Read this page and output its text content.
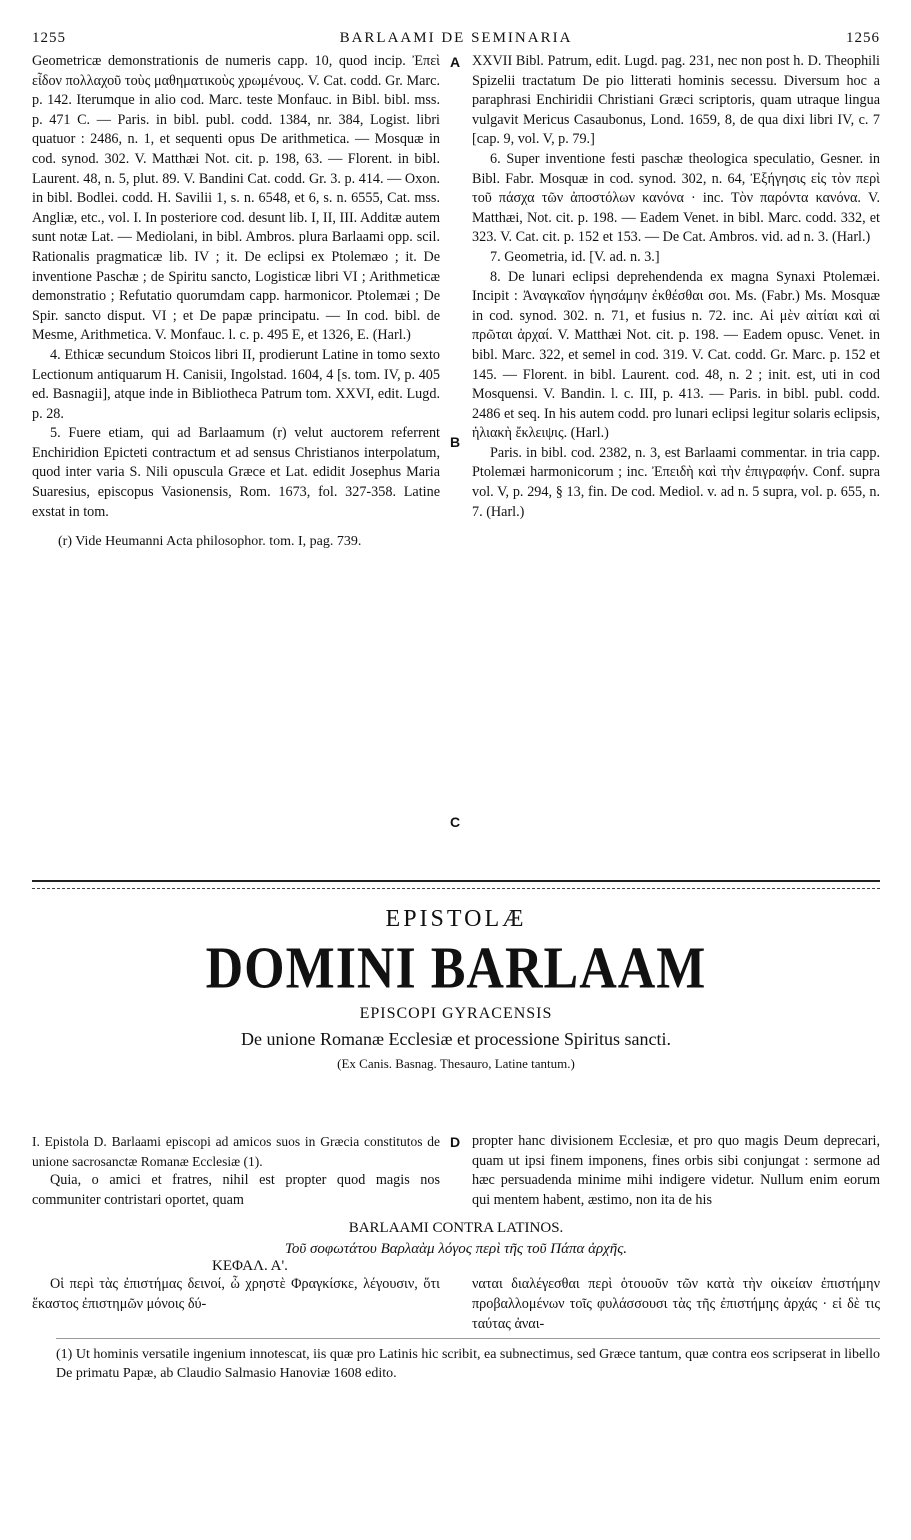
1255	BARLAAMI DE SEMINARIA	1256

Geometricæ demonstrationis de numeris capp. 10, quod incip. Ἐπεὶ εἶδον πολλαχοῦ τοὺς μαθηματικοὺς χρωμένους. V. Cat. codd. Gr. Marc. p. 142. Iterumque in alio cod. Marc. teste Monfauc. in Bibl. bibl. mss. p. 471 C. — Paris. in bibl. publ. codd. 1384, nr. 384, Logist. libri quatuor : 2486, n. 1, et sequenti opus De arithmetica. — Mosquæ in cod. synod. 302. V. Matthæi Not. cit. p. 198, 63. — Florent. in bibl. Laurent. 48, n. 5, plut. 89. V. Bandini Cat. codd. Gr. 3. p. 414. — Oxon. in bibl. Bodlei. codd. H. Savilii 1, s. n. 6548, et 6, s. n. 6555, Cat. mss. Angliæ, etc., vol. I. In posteriore cod. desunt lib. I, II, III. Additæ autem sunt notæ Lat. — Mediolani, in bibl. Ambros. plura Barlaami opp. scil. Rationalis pragmaticæ lib. IV ; it. De eclipsi ex Ptolemæo ; it. De inventione Paschæ ; de Spiritu sancto, Logisticæ libri VI ; Arithmeticæ demonstratio ; Refutatio quorumdam capp. harmonicor. Ptolemæi ; De Spir. sancto disput. VI ; et De papæ principatu. — In cod. bibl. de Mesme, Arithmetica. V. Monfauc. l. c. p. 495 E, et 1326, E. (Harl.)

4. Ethicæ secundum Stoicos libri II, prodierunt Latine in tomo sexto Lectionum antiquarum H. Canisii, Ingolstad. 1604, 4 [s. tom. IV, p. 405 ed. Basnagii], atque inde in Bibliotheca Patrum tom. XXVI, edit. Lugd. p. 28.

5. Fuere etiam, qui ad Barlaamum (r) velut auctorem referrent Enchiridion Epicteti contractum et ad sensus Christianos interpolatum, quod inter varia S. Nili opuscula Græce et Lat. edidit Josephus Maria Suaresius, episcopus Vasionensis, Rom. 1673, fol. 327-358. Latine exstat in tom.

A
B
C

XXVII Bibl. Patrum, edit. Lugd. pag. 231, nec non post h. D. Theophili Spizelii tractatum De pio litterati hominis secessu. Diversum hoc a paraphrasi Enchiridii Christiani Græci scriptoris, quam utraque lingua vulgavit Mericus Casaubonus, Lond. 1659, 8, de qua dixi libri IV, c. 7 [cap. 9, vol. V, p. 79.]

6. Super inventione festi paschæ theologica speculatio, Gesner. in Bibl. Fabr. Mosquæ in cod. synod. 302, n. 64, Ἐξήγησις εἰς τὸν περὶ τοῦ πάσχα τῶν ἀποστόλων κανόνα · inc. Τὸν παρόντα κανόνα. V. Matthæi, Not. cit. p. 198. — Eadem Venet. in bibl. Marc. codd. 332, et 323. V. Cat. cit. p. 152 et 153. — De Cat. Ambros. vid. ad n. 3. (Harl.)

7. Geometria, id. [V. ad. n. 3.]

8. De lunari eclipsi deprehendenda ex magna Synaxi Ptolemæi. Incipit : Ἀναγκαῖον ἡγησάμην ἐκθέσθαι σοι. Ms. (Fabr.) Ms. Mosquæ in cod. synod. 302. n. 71, et fusius n. 72. inc. Αἱ μὲν αἰτίαι καὶ αἱ πρῶται ἀρχαί. V. Matthæi Not. cit. p. 198. — Eadem opusc. Venet. in bibl. Marc. 322, et semel in cod. 319. V. Cat. codd. Gr. Marc. p. 152 et 145. — Florent. in bibl. Laurent. cod. 48, n. 2 ; init. est, uti in cod Mosquensi. V. Bandin. l. c. III, p. 413. — Paris. in bibl. publ. codd. 2486 et seq. In his autem codd. pro lunari eclipsi legitur solaris eclipsis, ἡλιακὴ ἔκλειψις. (Harl.)

Paris. in bibl. cod. 2382, n. 3, est Barlaami commentar. in tria capp. Ptolemæi harmonicorum ; inc. Ἐπειδὴ καὶ τὴν ἐπιγραφήν. Conf. supra vol. V, p. 294, § 13, fin. De cod. Mediol. v. ad n. 5 supra, vol. p. 655, n. 7. (Harl.)

(r) Vide Heumanni Acta philosophor. tom. I, pag. 739.
EPISTOLÆ
DOMINI BARLAAM
EPISCOPI GYRACENSIS
De unione Romanæ Ecclesiæ et processione Spiritus sancti.
(Ex Canis. Basnag. Thesauro, Latine tantum.)

I. Epistola D. Barlaami episcopi ad amicos suos in Græcia constitutos de unione sacrosanctæ Romanæ Ecclesiæ (1).

Quia, o amici et fratres, nihil est propter quod magis nos communiter contristari oportet, quam

D propter hanc divisionem Ecclesiæ, et pro quo magis Deum deprecari, quam ut ipsi finem imponens, fines orbis sibi conjungat : sermone ad hæc persuadenda minime mihi indigere videtur. Nullum enim eorum qui mentem habent, æstimo, non ita de his

BARLAAMI CONTRA LATINOS.
Τοῦ σοφωτάτου Βαρλαὰμ λόγος περὶ τῆς τοῦ Πάπα ἀρχῆς.
ΚΕΦΑΛ. Α'.

Οἱ περὶ τὰς ἐπιστήμας δεινοί, ὦ χρηστὲ Φραγκίσκε, λέγουσιν, ὅτι ἕκαστος ἐπιστημῶν μόνοις δύ-

ναται διαλέγεσθαι περὶ ὁτουοῦν τῶν κατὰ τὴν οἰκείαν ἐπιστήμην προβαλλομένων τοῖς φυλάσσουσι τὰς τῆς ἐπιστήμης ἀρχάς · εἰ δὲ τις ταύτας ἀναι-

(1) Ut hominis versatile ingenium innotescat, iis quæ pro Latinis hic scribit, ea subnectimus, sed Græce tantum, quæ contra eos scripserat in libello De primatu Papæ, ab Claudio Salmasio Hanoviæ 1608 edito.
